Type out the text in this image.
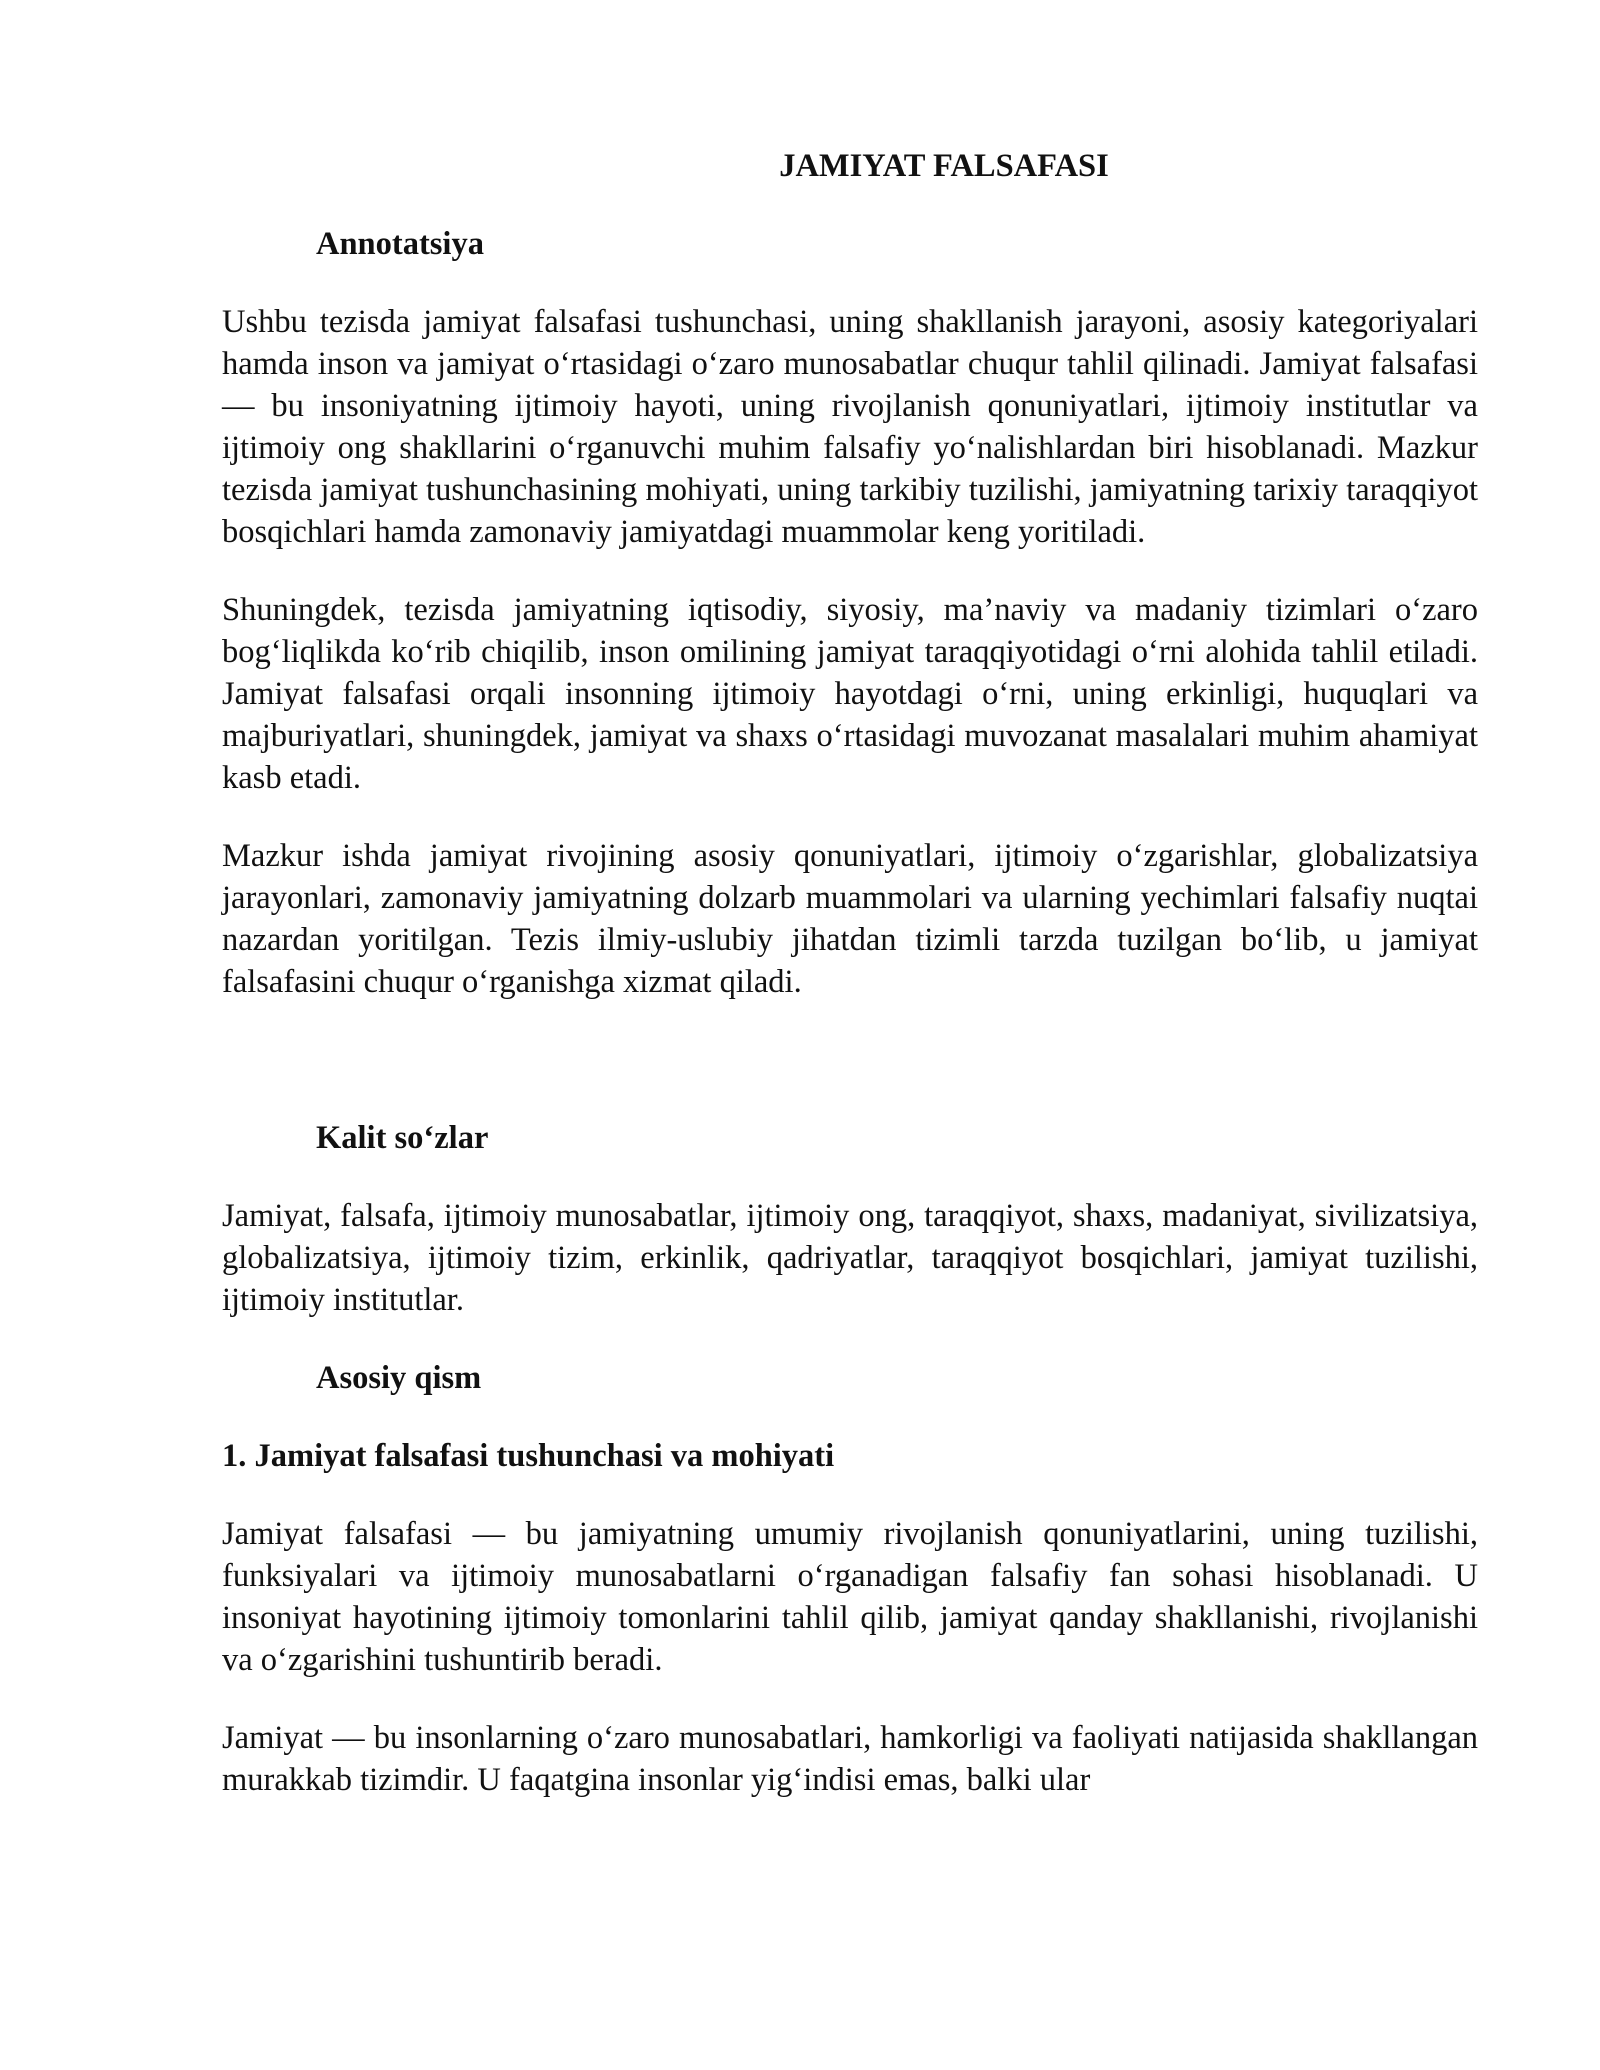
JAMIYAT FALSAFASI
Annotatsiya

Ushbu tezisda jamiyat falsafasi tushunchasi, uning shakllanish jarayoni, asosiy kategoriyalari hamda inson va jamiyat o‘rtasidagi o‘zaro munosabatlar chuqur tahlil qilinadi. Jamiyat falsafasi — bu insoniyatning ijtimoiy hayoti, uning rivojlanish qonuniyatlari, ijtimoiy institutlar va ijtimoiy ong shakllarini o‘rganuvchi muhim falsafiy yo‘nalishlardan biri hisoblanadi. Mazkur tezisda jamiyat tushunchasining mohiyati, uning tarkibiy tuzilishi, jamiyatning tarixiy taraqqiyot bosqichlari hamda zamonaviy jamiyatdagi muammolar keng yoritiladi.

Shuningdek, tezisda jamiyatning iqtisodiy, siyosiy, ma’naviy va madaniy tizimlari o‘zaro bog‘liqlikda ko‘rib chiqilib, inson omilining jamiyat taraqqiyotidagi o‘rni alohida tahlil etiladi. Jamiyat falsafasi orqali insonning ijtimoiy hayotdagi o‘rni, uning erkinligi, huquqlari va majburiyatlari, shuningdek, jamiyat va shaxs o‘rtasidagi muvozanat masalalari muhim ahamiyat kasb etadi.

Mazkur ishda jamiyat rivojining asosiy qonuniyatlari, ijtimoiy o‘zgarishlar, globalizatsiya jarayonlari, zamonaviy jamiyatning dolzarb muammolari va ularning yechimlari falsafiy nuqtai nazardan yoritilgan. Tezis ilmiy-uslubiy jihatdan tizimli tarzda tuzilgan bo‘lib, u jamiyat falsafasini chuqur o‘rganishga xizmat qiladi.

Kalit so‘zlar

Jamiyat, falsafa, ijtimoiy munosabatlar, ijtimoiy ong, taraqqiyot, shaxs, madaniyat, sivilizatsiya, globalizatsiya, ijtimoiy tizim, erkinlik, qadriyatlar, taraqqiyot bosqichlari, jamiyat tuzilishi, ijtimoiy institutlar.

Asosiy qism
1. Jamiyat falsafasi tushunchasi va mohiyati

Jamiyat falsafasi — bu jamiyatning umumiy rivojlanish qonuniyatlarini, uning tuzilishi, funksiyalari va ijtimoiy munosabatlarni o‘rganadigan falsafiy fan sohasi hisoblanadi. U insoniyat hayotining ijtimoiy tomonlarini tahlil qilib, jamiyat qanday shakllanishi, rivojlanishi va o‘zgarishini tushuntirib beradi.

Jamiyat — bu insonlarning o‘zaro munosabatlari, hamkorligi va faoliyati natijasida shakllangan murakkab tizimdir. U faqatgina insonlar yig‘indisi emas, balki ular
